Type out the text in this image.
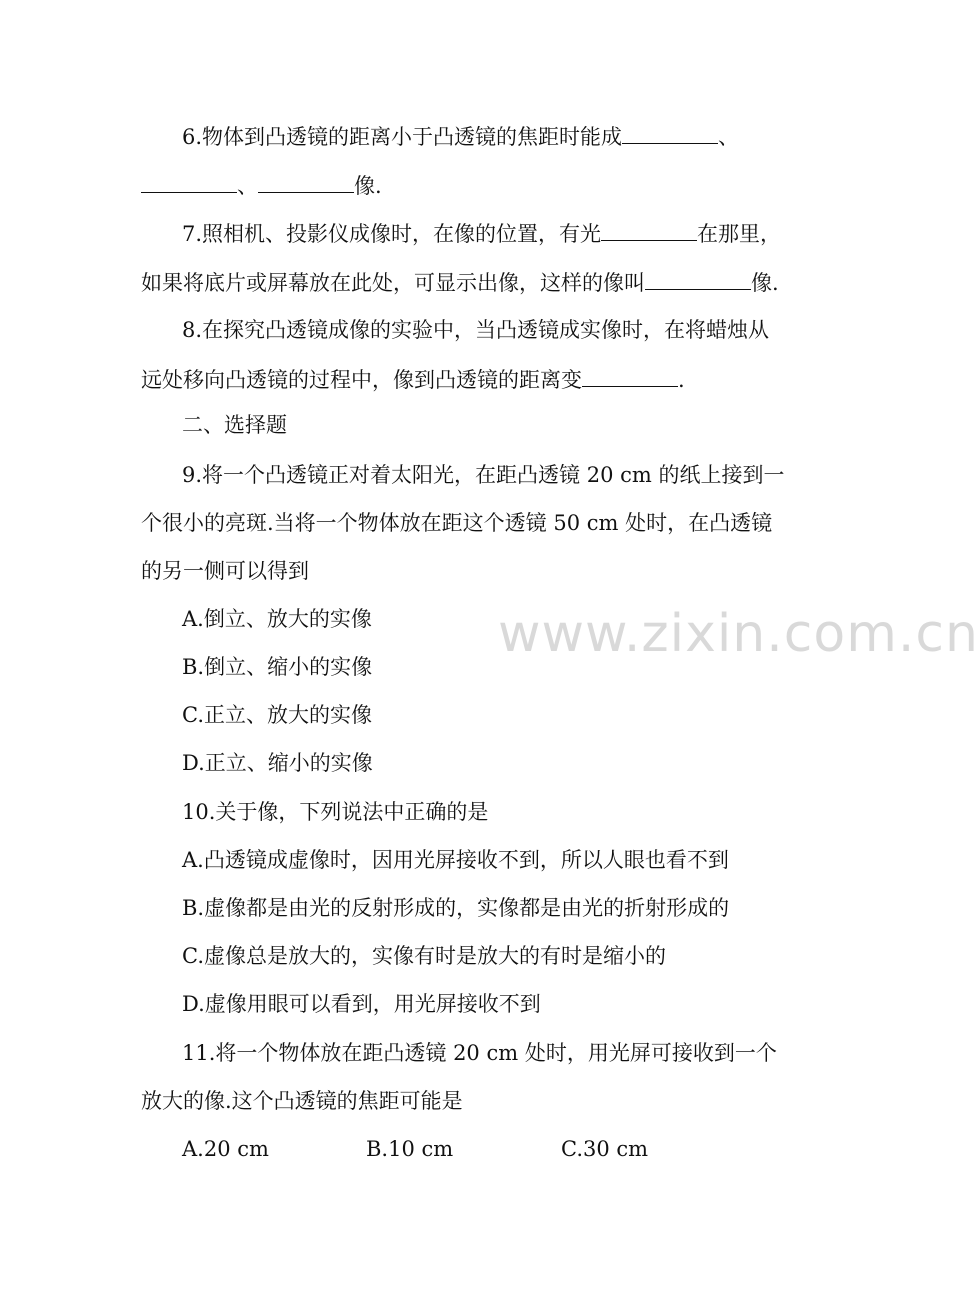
www.zixin.com.cn
6.物体到凸透镜的距离小于凸透镜的焦距时能成	、
、	像.
7.照相机、投影仪成像时，在像的位置，有光	在那里，
如果将底片或屏幕放在此处，可显示出像，这样的像叫	像.
8.在探究凸透镜成像的实验中，当凸透镜成实像时，在将蜡烛从
远处移向凸透镜的过程中，像到凸透镜的距离变	.
二、选择题
9.将一个凸透镜正对着太阳光，在距凸透镜 20 cm 的纸上接到一
个很小的亮斑.当将一个物体放在距这个透镜 50 cm 处时，在凸透镜
的另一侧可以得到
A.倒立、放大的实像
B.倒立、缩小的实像
C.正立、放大的实像
D.正立、缩小的实像
10.关于像，下列说法中正确的是
A.凸透镜成虚像时，因用光屏接收不到，所以人眼也看不到
B.虚像都是由光的反射形成的，实像都是由光的折射形成的
C.虚像总是放大的，实像有时是放大的有时是缩小的
D.虚像用眼可以看到，用光屏接收不到
11.将一个物体放在距凸透镜 20 cm 处时，用光屏可接收到一个
放大的像.这个凸透镜的焦距可能是
A.20 cm	B.10 cm	C.30 cm
